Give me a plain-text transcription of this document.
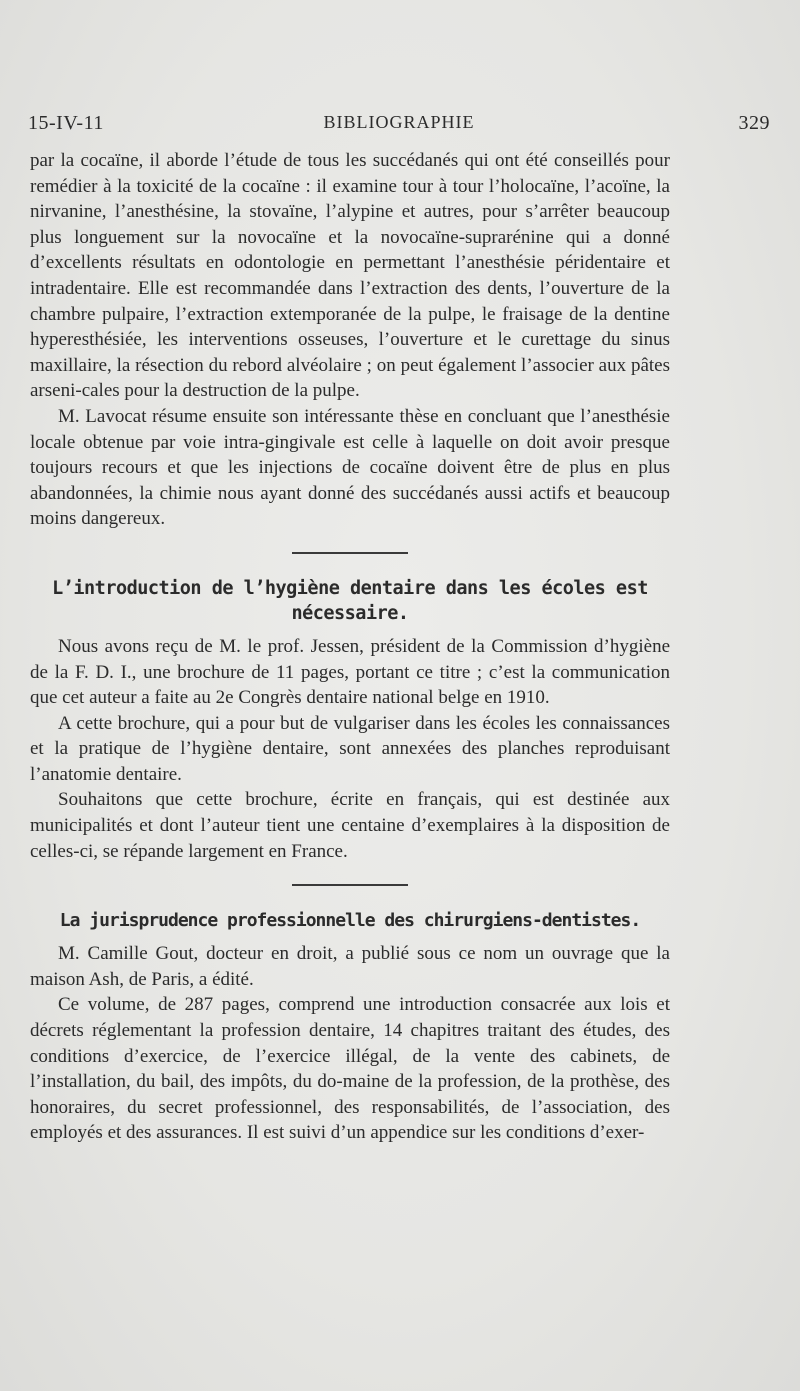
15-IV-11	BIBLIOGRAPHIE	329

par la cocaïne, il aborde l’étude de tous les succédanés qui ont été conseillés pour remédier à la toxicité de la cocaïne : il examine tour à tour l’holocaïne, l’acoïne, la nirvanine, l’anesthésine, la stovaïne, l’alypine et autres, pour s’arrêter beaucoup plus longuement sur la novocaïne et la novocaïne-suprarénine qui a donné d’excellents résultats en odontologie en permettant l’anesthésie péridentaire et intradentaire. Elle est recommandée dans l’extraction des dents, l’ouverture de la chambre pulpaire, l’extraction extemporanée de la pulpe, le fraisage de la dentine hyperesthésiée, les interventions osseuses, l’ouverture et le curettage du sinus maxillaire, la résection du rebord alvéolaire ; on peut également l’associer aux pâtes arseni-cales pour la destruction de la pulpe.

M. Lavocat résume ensuite son intéressante thèse en concluant que l’anesthésie locale obtenue par voie intra-gingivale est celle à laquelle on doit avoir presque toujours recours et que les injections de cocaïne doivent être de plus en plus abandonnées, la chimie nous ayant donné des succédanés aussi actifs et beaucoup moins dangereux.

L’introduction de l’hygiène dentaire dans les écoles est nécessaire.

Nous avons reçu de M. le prof. Jessen, président de la Commission d’hygiène de la F. D. I., une brochure de 11 pages, portant ce titre ; c’est la communication que cet auteur a faite au 2e Congrès dentaire national belge en 1910.

A cette brochure, qui a pour but de vulgariser dans les écoles les connaissances et la pratique de l’hygiène dentaire, sont annexées des planches reproduisant l’anatomie dentaire.

Souhaitons que cette brochure, écrite en français, qui est destinée aux municipalités et dont l’auteur tient une centaine d’exemplaires à la disposition de celles-ci, se répande largement en France.

La jurisprudence professionnelle des chirurgiens-dentistes.

M. Camille Gout, docteur en droit, a publié sous ce nom un ouvrage que la maison Ash, de Paris, a édité.

Ce volume, de 287 pages, comprend une introduction consacrée aux lois et décrets réglementant la profession dentaire, 14 chapitres traitant des études, des conditions d’exercice, de l’exercice illégal, de la vente des cabinets, de l’installation, du bail, des impôts, du do-maine de la profession, de la prothèse, des honoraires, du secret professionnel, des responsabilités, de l’association, des employés et des assurances. Il est suivi d’un appendice sur les conditions d’exer-
